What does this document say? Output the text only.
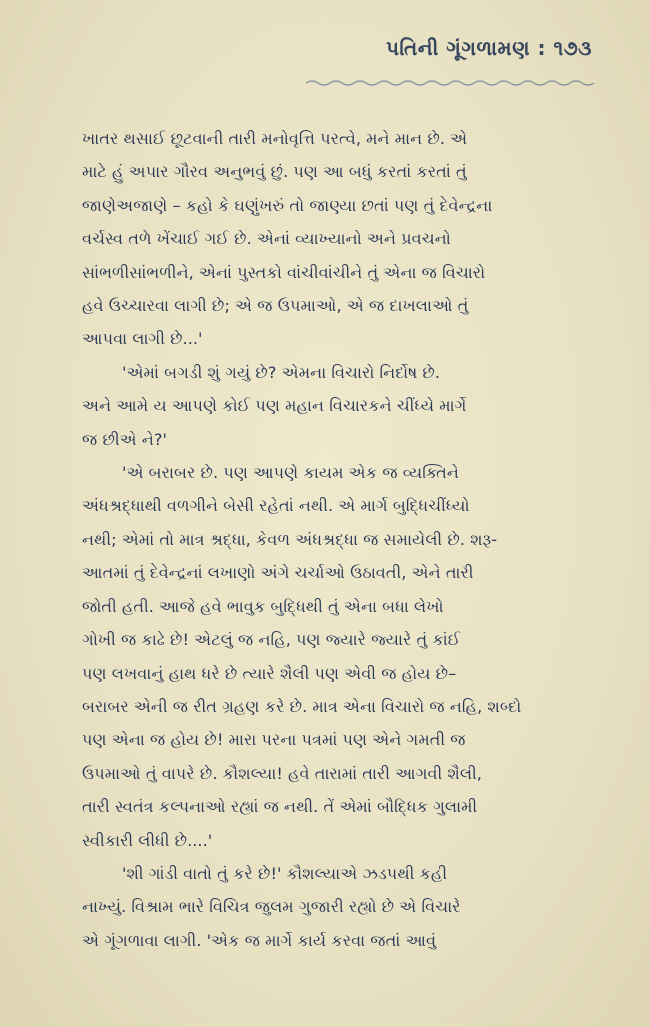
પતિની ગૂંગળામણ : ૧૭૩

ખાતર થસાઈ છૂટવાની તારી મનોવૃત્તિ પરત્વે, મને માન છે. એ
માટે હું અપાર ગૌરવ અનુભવું છું. પણ આ બધું કરતાં કરતાં તું
જાણેઅજાણે – કહો કે ઘણુંખરું તો જાણ્યા છતાં પણ તું દેવેન્દ્રના
વર્ચસ્વ તળે ખેંચાઈ ગઈ છે. એનાં વ્યાખ્યાનો અને પ્રવચનો
સાંભળીસાંભળીને, એનાં પુસ્તકો વાંચીવાંચીને તું એના જ વિચારો
હવે ઉચ્ચારવા લાગી છે; એ જ ઉપમાઓ, એ જ દાખલાઓ તું
આપવા લાગી છે...'

'એમાં બગડી શું ગયું છે? એમના વિચારો નિર્દોષ છે.
અને આમે ય આપણે કોઈ પણ મહાન વિચારકને ચીંધ્યે માર્ગે
જ છીએ ને?'

'એ બરાબર છે. પણ આપણે કાયમ એક જ વ્યક્તિને
અંધશ્રદ્ધાથી વળગીને બેસી રહેતાં નથી. એ માર્ગ બુદ્ધિચીંધ્યો
નથી; એમાં તો માત્ર શ્રદ્ધા, કેવળ અંધશ્રદ્ધા જ સમાયેલી છે. શરૂ-
આતમાં તું દેવેન્દ્રનાં લખાણો અંગે ચર્ચાઓ ઉઠાવતી, એને તારી
જોતી હતી. આજે હવે ભાવુક બુદ્ધિથી તું એના બધા લેખો
ગોખી જ કાઢે છે! એટલું જ નહિ, પણ જ્યારે જ્યારે તું કાંઈ
પણ લખવાનું હાથ ધરે છે ત્યારે શૈલી પણ એવી જ હોય છે–
બરાબર એની જ રીત ગ્રહણ કરે છે. માત્ર એના વિચારો જ નહિ, શબ્દો
પણ એના જ હોય છે! મારા પરના પત્રમાં પણ એને ગમતી જ
ઉપમાઓ તું વાપરે છે. કૌશલ્યા! હવે તારામાં તારી આગવી શૈલી,
તારી સ્વતંત્ર કલ્પનાઓ રહ્યાં જ નથી. તેં એમાં બૌદ્ધિક ગુલામી
સ્વીકારી લીધી છે....'

'શી ગાંડી વાતો તું કરે છે!' કૌશલ્યાએ ઝડપથી કહી
નાખ્યું. વિશ્રામ ભારે વિચિત્ર જુલમ ગુજારી રહ્યો છે એ વિચારે
એ ગૂંગળાવા લાગી. 'એક જ માર્ગે કાર્ય કરવા જતાં આવું
